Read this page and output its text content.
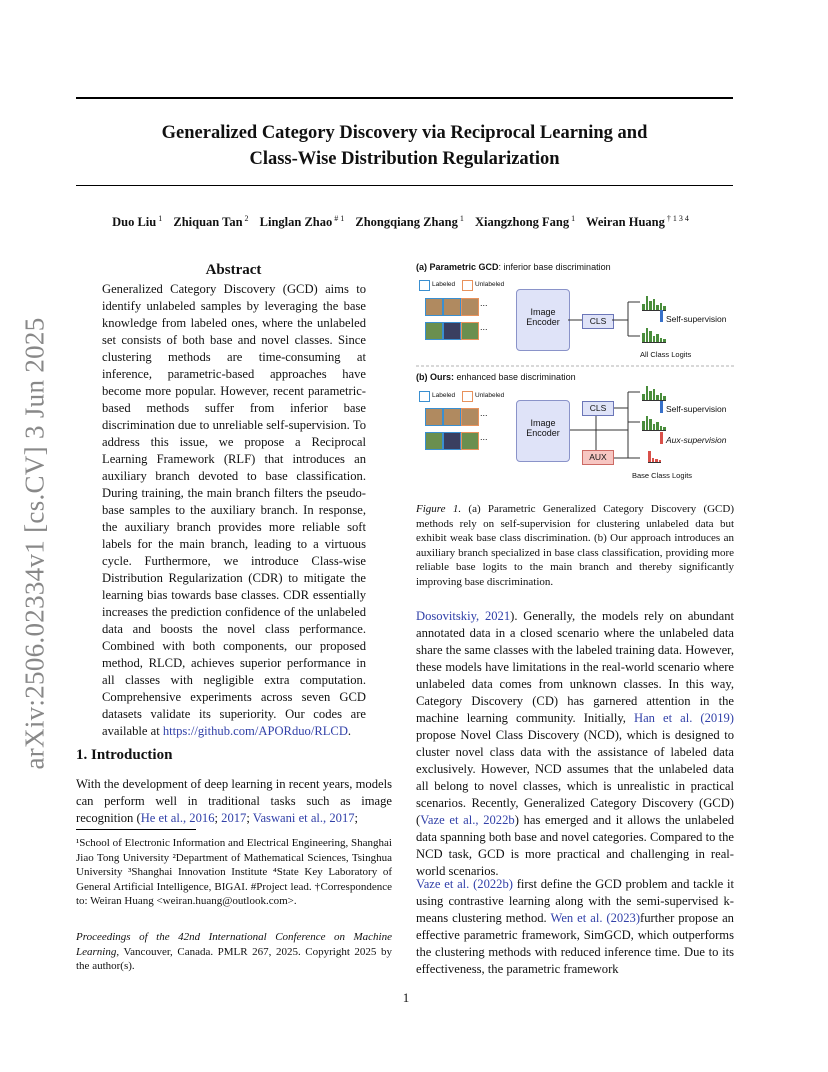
Generalized Category Discovery via Reciprocal Learning and
Class-Wise Distribution Regularization
Duo Liu $^1$ Zhiquan Tan $^2$ Linglan Zhao $^{\# 1}$ Zhongqiang Zhang $^1$ Xiangzhong Fang $^1$ Weiran Huang $^{\dagger 1 3 4}$
arXiv:2506.02334v1 [cs.CV] 3 Jun 2025
Abstract
Generalized Category Discovery (GCD) aims to identify unlabeled samples by leveraging the base knowledge from labeled ones, where the unlabeled set consists of both base and novel classes. Since clustering methods are time-consuming at inference, parametric-based approaches have become more popular. However, recent parametric-based methods suffer from inferior base discrimination due to unreliable self-supervision. To address this issue, we propose a Reciprocal Learning Framework (RLF) that introduces an auxiliary branch devoted to base classification. During training, the main branch filters the pseudo-base samples to the auxiliary branch. In response, the auxiliary branch provides more reliable soft labels for the main branch, leading to a virtuous cycle. Furthermore, we introduce Class-wise Distribution Regularization (CDR) to mitigate the learning bias towards base classes. CDR essentially increases the prediction confidence of the unlabeled data and boosts the novel class performance. Combined with both components, our proposed method, RLCD, achieves superior performance in all classes with negligible extra computation. Comprehensive experiments across seven GCD datasets validate its superiority. Our codes are available at https://github.com/APORduo/RLCD.
1. Introduction
With the development of deep learning in recent years, models can perform well in traditional tasks such as image recognition (He et al., 2016; 2017; Vaswani et al., 2017;
¹School of Electronic Information and Electrical Engineering, Shanghai Jiao Tong University ²Department of Mathematical Sciences, Tsinghua University ³Shanghai Innovation Institute ⁴State Key Laboratory of General Artificial Intelligence, BIGAI. #Project lead. †Correspondence to: Weiran Huang <weiran.huang@outlook.com>.
Proceedings of the 42nd International Conference on Machine Learning, Vancouver, Canada. PMLR 267, 2025. Copyright 2025 by the author(s).
(a) Parametric GCD: inferior base discrimination
Labeled	Unlabeled
...
...
Image
Encoder	CLS	Self-supervision
All Class Logits
(b) Ours: enhanced base discrimination
Labeled	Unlabeled
...
...
Image
Encoder
CLS
AUX
Self-supervision
Aux-supervision
Base Class Logits
Figure 1. (a) Parametric Generalized Category Discovery (GCD) methods rely on self-supervision for clustering unlabeled data but exhibit weak base class discrimination. (b) Our approach introduces an auxiliary branch specialized in base class classification, providing more reliable base logits to the main branch and thereby significantly improving base discrimination.
Dosovitskiy, 2021). Generally, the models rely on abundant annotated data in a closed scenario where the unlabeled data share the same classes with the labeled training data. However, these models have limitations in the real-world scenario where unlabeled data comes from unknown classes. In this way, Category Discovery (CD) has garnered attention in the machine learning community. Initially, Han et al. (2019) propose Novel Class Discovery (NCD), which is designed to cluster novel class data with the assistance of labeled data exclusively. However, NCD assumes that the unlabeled data all belong to novel classes, which is unrealistic in practical scenarios. Recently, Generalized Category Discovery (GCD) (Vaze et al., 2022b) has emerged and it allows the unlabeled data spanning both base and novel categories. Compared to the NCD task, GCD is more practical and challenging in real-world scenarios.
Vaze et al. (2022b) first define the GCD problem and tackle it using contrastive learning along with the semi-supervised k-means clustering method. Wen et al. (2023)further propose an effective parametric framework, SimGCD, which outperforms the clustering methods with reduced inference time. Due to its effectiveness, the parametric framework
1
